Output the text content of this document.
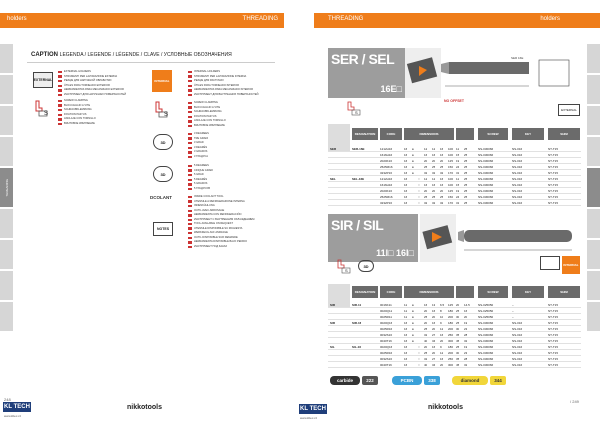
holders	THREADING
THREADING
CAPTION LEGENDA / LEGENDE / LÉGENDE / CLAVE / УСЛОВНЫЕ ОБОЗНАЧЕНИЯ
EXTERNAL
EXTERNAL HOLDERS
STRUMENTI PER LAVORAZIONE ESTERNA
РЕЗЦЫ ДЛЯ НАРУЖНОЙ ОБРАБОТКИ
ÚTILES PARA TORNEADO EXTERIOR
HERRAMIENTAS PARA MECANIZADO EXTERIOR
ИНСТРУМЕНТ ДЛЯ НАРУЖНЫХ ПОВЕРХНОСТЕЙ
S
SCREW CLAMPING
BLOCCAGGIO A VITE
SCHRAUBKLEMMUNG
FIXATION PAR VIS
ANCLAJE CON TORNILLO
ВИНТОВОЕ КРЕПЛЕНИЕ
INTERNAL
INTERNAL HOLDERS
STRUMENTI PER LAVORAZIONE INTERNA
РЕЗЦЫ ДЛЯ РАСТОЧКИ
ÚTILES PARA TORNEADO INTERIOR
HERRAMIENTAS PARA MECANIZADO INTERIOR
ИНСТРУМЕНТ ДЛЯ ВНУТРЕННИХ ПОВЕРХНОСТЕЙ
S
SCREW CLAMPING
BLOCCAGGIO A VITE
SCHRAUBKLEMMUNG
FIXATION PAR VIS
ANCLAJE CON TORNILLO
ВИНТОВОЕ КРЕПЛЕНИЕ
3D
3 DEGREES
TRE GRADI
3 GRAD
3 DEGRÉS
3 GRADOS
3 ГРАДУСА
3D
5 DEGREES
CINQUE GRADI
5 GRAD
5 DEGRÉS
5 GRADOS
5 ГРАДУСОВ
DCOLANT	INSIDE COOLANT TOOL
UTENSILE A REFRIGERAZIONE INTERNA
INNENKÜHLUNG
OUTIL AVEC ARROSAGE
HERRAMIENTA CON REFRIGERACIÓN
ИНСТРУМЕНТ С ВНУТРЕННИМ ОХЛАЖДЕНИЕМ
NOTES
TOOL AVAILABLE ON REQUEST
UTENSILE DISPONIBILE SU RICHIESTA
WERKZEUG AUF ANFRAGE
OUTIL DISPONIBLE SUR DEMANDE
HERRAMIENTA DISPONIBLE BAJO PEDIDO
ИНСТРУМЕНТ ПОД ЗАКАЗ
248
KL TECH
www.kltec.cz
nikkotools
THREADING	holders
SER / SEL
16E□
SER 16E
NO OFFSET
S	EXTERNAL
DESIGNATION	CODE	DIMENSIONS	SCREW	KEY	SHIM
SER	SER-16E	1212H16	16 ●	12 12 16 100 11 25	NS-030066	NS-016	NT-T15
1616H16	16 ●	16 16 16 100 15 25	NS-030066	NS-016	NT-T15
2020K16	16 ●	20 20 20 125 19 25	NS-030066	NS-016	NT-T15
2525M16	16 ●	25 25 25 150 24 25	NS-030066	NS-016	NT-T15
3232P16	16 ●	32 32 32 170 31 25	NS-030066	NS-016	NT-T15
SEL	SEL-16E	1212H16	16	○ 12 12 16 100 11 25	NS-030066	NS-016	NT-T15
1616H16	16	○ 16 16 16 100 15 25	NS-030066	NS-016	NT-T15
2020K16	16	○ 20 20 20 125 19 25	NS-030066	NS-016	NT-T15
2525M16	16	○ 25 25 25 150 24 25	NS-030066	NS-016	NT-T15
3232P16	16	○ 32 32 32 170 31 25	NS-030066	NS-016	NT-T15
SIR / SIL
11I□ 16I□
S
3D	INTERNAL
DESIGNATION	CODE	DIMENSIONS	SCREW	KEY	SHIM
SIR	SIR-11	0016K11	11 ●	16 13 6.5 125 20 14.5	NS-025050	–	NT-T15
0020Q11	11 ●	20 16 8 180 25 16	NS-025050	–	NT-T15
0025R11	11 ●	25 20 10 200 30 20	NS-025050	–	NT-T15
SIR	SIR-16	0020Q16	16 ●	20 16 9 180 25 19	NS-030066	NS-016	NT-T15
0025R16	16 ●	25 20 12 200 30 23	NS-030066	NS-016	NT-T15
0032S16	16 ●	32 27 16 250 35 28	NS-030066	NS-016	NT-T15
0040T16	16 ●	40 34 20 300 45 32	NS-030066	NS-016	NT-T15
SIL	SIL-16	0020Q16	16	○ 20 16 9 180 25 19	NS-030066	NS-016	NT-T15
0025R16	16	○ 25 20 12 200 30 23	NS-030066	NS-016	NT-T15
0032S16	16	○ 32 27 16 250 35 28	NS-030066	NS-016	NT-T15
0040T16	16	○ 40 34 20 300 45 32	NS-030066	NS-016	NT-T15
carbide	222	PCBN	338	diamond	344
KL TECH
www.kltec.cz
nikkotools
/ 249
